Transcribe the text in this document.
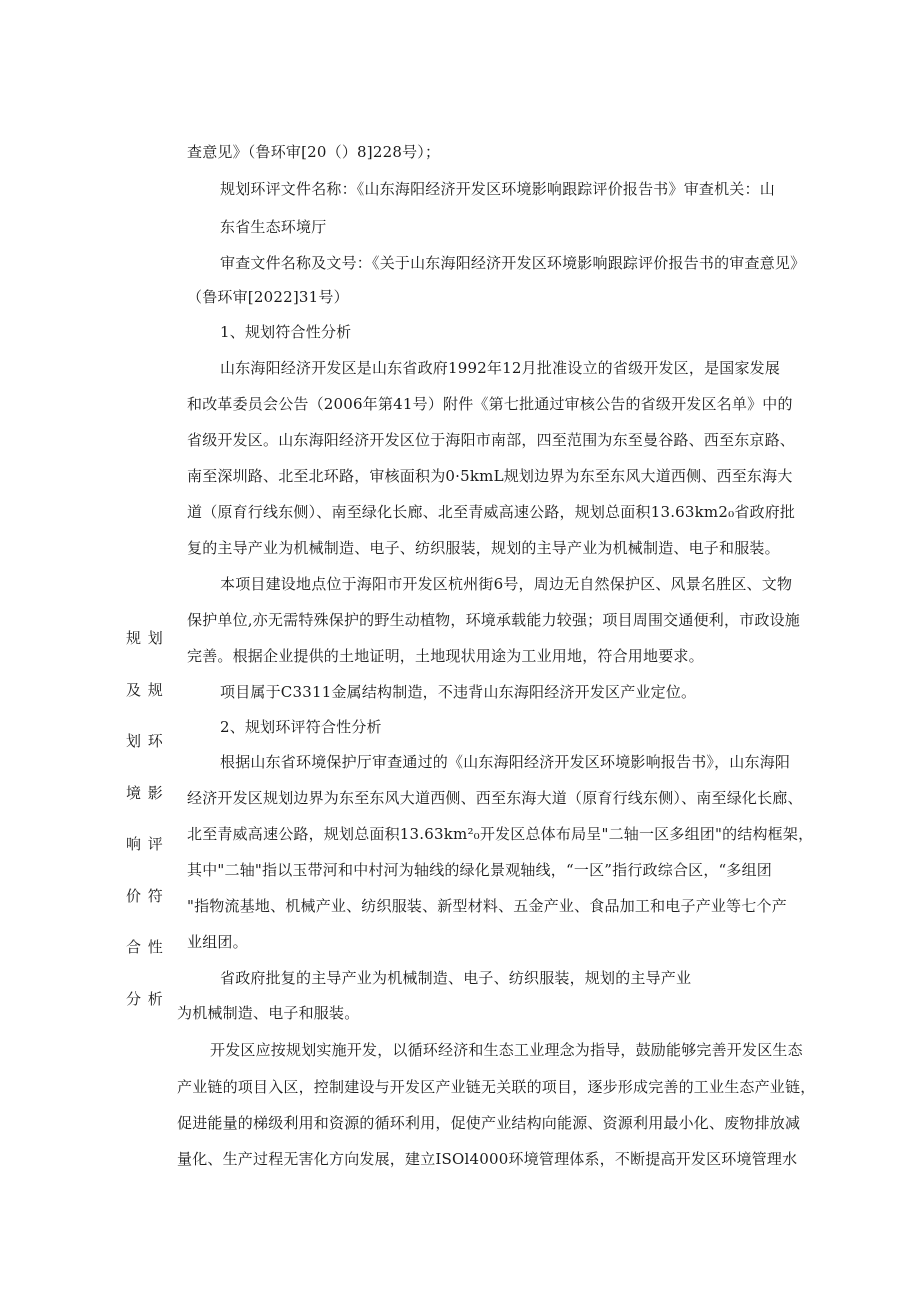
查意见》（鲁环审[20（）8]228号）；
规划环评文件名称：《山东海阳经济开发区环境影响跟踪评价报告书》审查机关：山
东省生态环境厅
审查文件名称及文号：《关于山东海阳经济开发区环境影响跟踪评价报告书的审查意见》
（鲁环审[2022]31号）
1、规划符合性分析
山东海阳经济开发区是山东省政府1992年12月批准设立的省级开发区，是国家发展
和改革委员会公告（2006年第41号）附件《第七批通过审核公告的省级开发区名单》中的
省级开发区。山东海阳经济开发区位于海阳市南部，四至范围为东至曼谷路、西至东京路、
南至深圳路、北至北环路，审核面积为0·5kmL规划边界为东至东风大道西侧、西至东海大
道（原育行线东侧）、南至绿化长廊、北至青威高速公路，规划总面积13.63km2₀省政府批
复的主导产业为机械制造、电子、纺织服装，规划的主导产业为机械制造、电子和服装。
本项目建设地点位于海阳市开发区杭州街6号，周边无自然保护区、风景名胜区、文物
保护单位,亦无需特殊保护的野生动植物，环境承载能力较强；项目周围交通便利，市政设施
完善。根据企业提供的土地证明，土地现状用途为工业用地，符合用地要求。
项目属于C3311金属结构制造，不违背山东海阳经济开发区产业定位。
2、规划环评符合性分析
根据山东省环境保护厅审查通过的《山东海阳经济开发区环境影响报告书》，山东海阳
经济开发区规划边界为东至东风大道西侧、西至东海大道（原育行线东侧）、南至绿化长廊、
北至青威高速公路，规划总面积13.63km²₀开发区总体布局呈"二轴一区多组团"的结构框架，
其中"二轴"指以玉带河和中村河为轴线的绿化景观轴线，“一区”指行政综合区，“多组团
"指物流基地、机械产业、纺织服装、新型材料、五金产业、食品加工和电子产业等七个产
业组团。
省政府批复的主导产业为机械制造、电子、纺织服装，规划的主导产业
为机械制造、电子和服装。
开发区应按规划实施开发，以循环经济和生态工业理念为指导，鼓励能够完善开发区生态
产业链的项目入区，控制建设与开发区产业链无关联的项目，逐步形成完善的工业生态产业链，
促进能量的梯级利用和资源的循环利用，促使产业结构向能源、资源利用最小化、废物排放减
量化、生产过程无害化方向发展，建立ISOl4000环境管理体系，不断提高开发区环境管理水

规 划

及 规

划 环

境 影

响 评

价 符

合 性

分 析
